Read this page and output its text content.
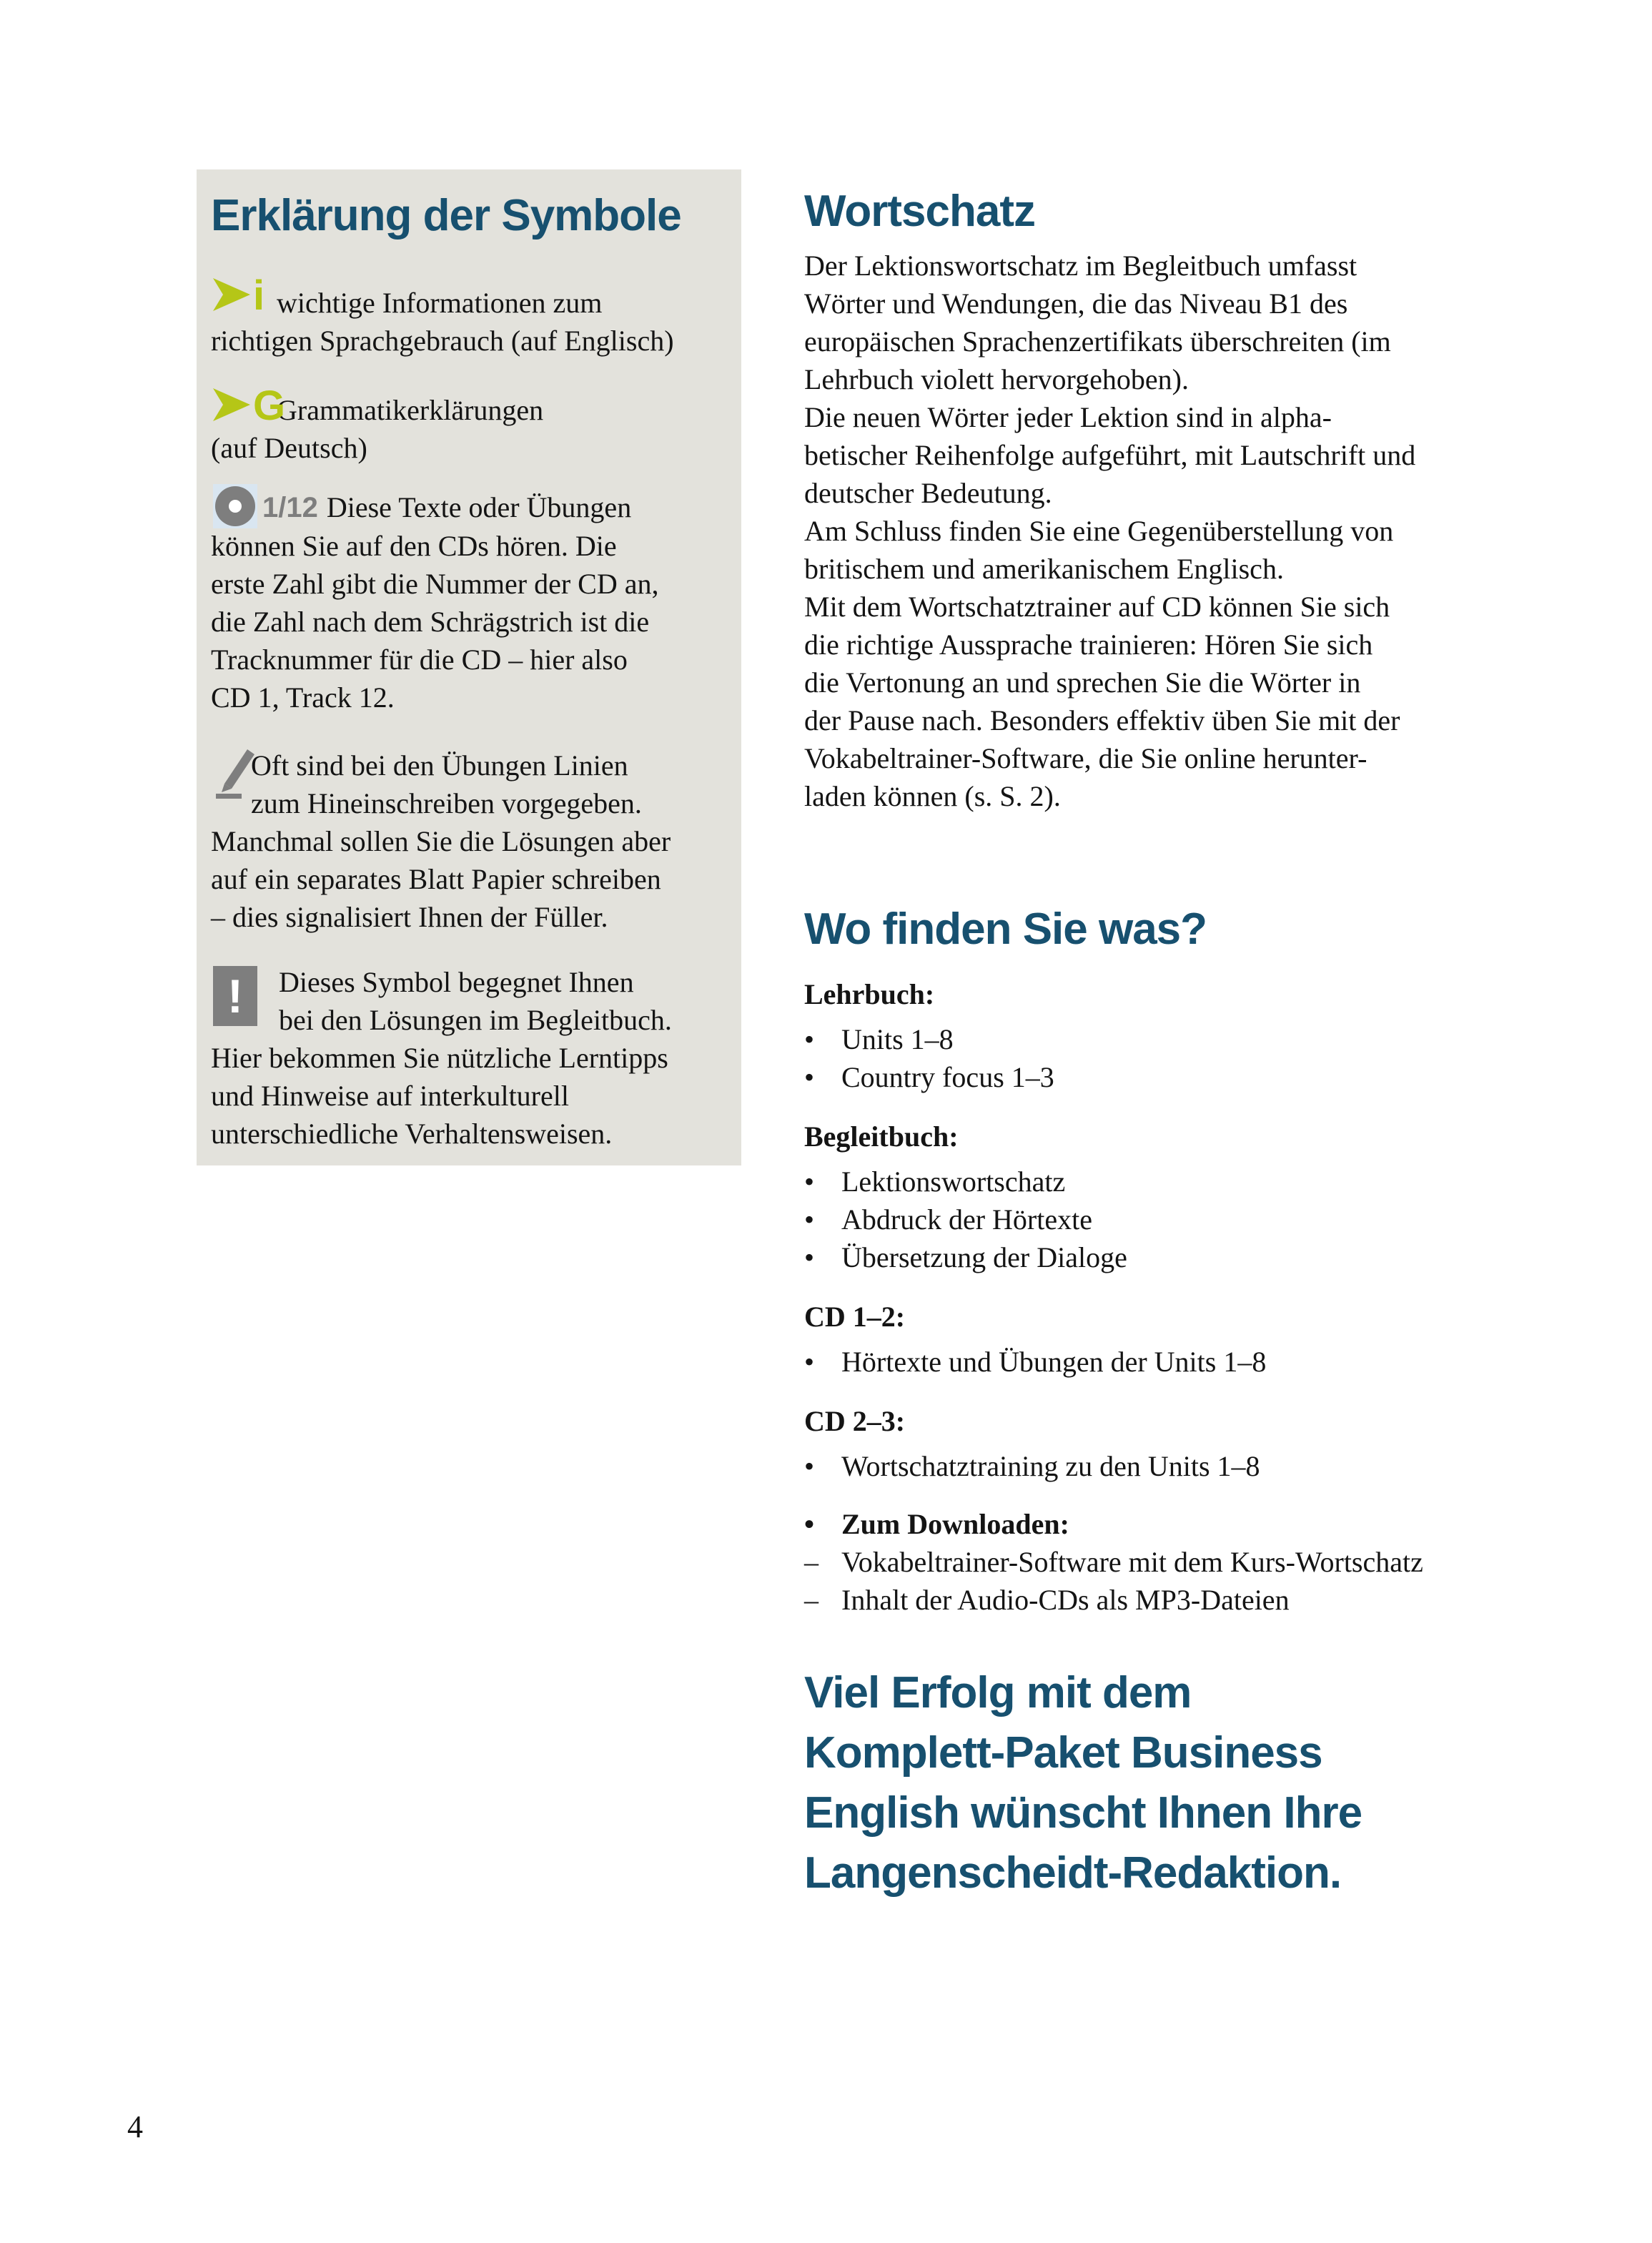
Erklärung der Symbole
i wichtige Informationen zum
richtigen Sprachgebrauch (auf Englisch)
G
Grammatikerklärungen
(auf Deutsch)
1/12 Diese Texte oder Übungen
können Sie auf den CDs hören. Die
erste Zahl gibt die Nummer der CD an,
die Zahl nach dem Schrägstrich ist die
Tracknummer für die CD – hier also
CD 1, Track 12.
Oft sind bei den Übungen Linien
zum Hineinschreiben vorgegeben.
Manchmal sollen Sie die Lösungen aber
auf ein separates Blatt Papier schreiben
– dies signalisiert Ihnen der Füller.
!	Dieses Symbol begegnet Ihnen
bei den Lösungen im Begleitbuch.
Hier bekommen Sie nützliche Lerntipps
und Hinweise auf interkulturell
unterschiedliche Verhaltensweisen.
Wortschatz
Der Lektionswortschatz im Begleitbuch umfasst
Wörter und Wendungen, die das Niveau B1 des
europäischen Sprachenzertifikats überschreiten (im
Lehrbuch violett hervorgehoben).
Die neuen Wörter jeder Lektion sind in alpha-
betischer Reihenfolge aufgeführt, mit Lautschrift und
deutscher Bedeutung.
Am Schluss finden Sie eine Gegenüberstellung von
britischem und amerikanischem Englisch.
Mit dem Wortschatztrainer auf CD können Sie sich
die richtige Aussprache trainieren: Hören Sie sich
die Vertonung an und sprechen Sie die Wörter in
der Pause nach. Besonders effektiv üben Sie mit der
Vokabeltrainer-Software, die Sie online herunter-
laden können (s. S. 2).
Wo finden Sie was?
Lehrbuch:
• Units 1–8
• Country focus 1–3
Begleitbuch:
• Lektionswortschatz
• Abdruck der Hörtexte
• Übersetzung der Dialoge
CD 1–2:
• Hörtexte und Übungen der Units 1–8
CD 2–3:
• Wortschatztraining zu den Units 1–8
• Zum Downloaden:
– Vokabeltrainer-Software mit dem Kurs-Wortschatz
– Inhalt der Audio-CDs als MP3-Dateien
Viel Erfolg mit dem
Komplett-Paket Business
English wünscht Ihnen Ihre
Langenscheidt-Redaktion.
4
